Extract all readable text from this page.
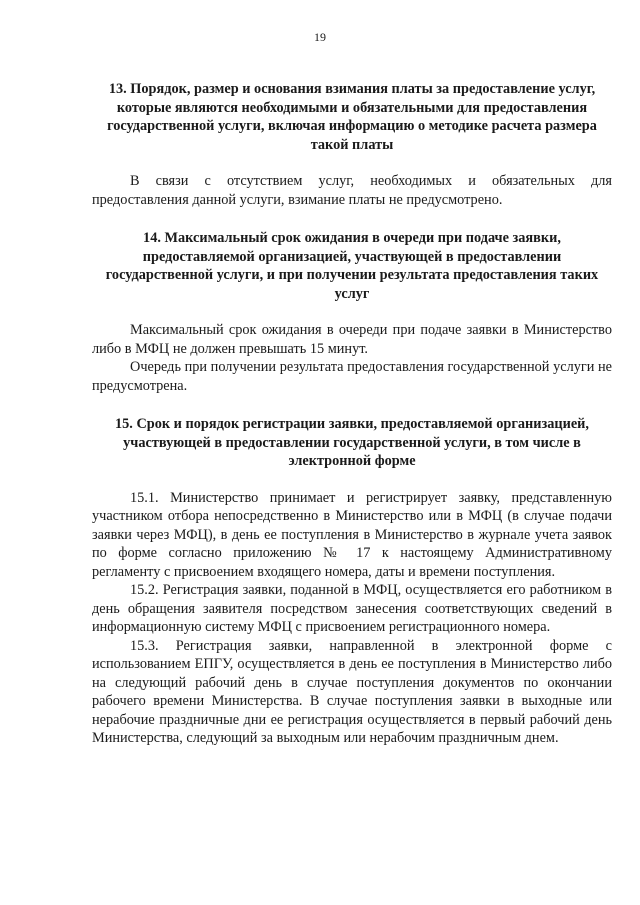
19

13. Порядок, размер и основания взимания платы за предоставление услуг, которые являются необходимыми и обязательными для предоставления государственной услуги, включая информацию о методике расчета размера такой платы

В связи с отсутствием услуг, необходимых и обязательных для предоставления данной услуги, взимание платы не предусмотрено.

14. Максимальный срок ожидания в очереди при подаче заявки, предоставляемой организацией, участвующей в предоставлении государственной услуги, и при получении результата предоставления таких услуг

Максимальный срок ожидания в очереди при подаче заявки в Министерство либо в МФЦ не должен превышать 15 минут.

Очередь при получении результата предоставления государственной услуги не предусмотрена.

15. Срок и порядок регистрации заявки, предоставляемой организацией, участвующей в предоставлении государственной услуги, в том числе в электронной форме

15.1. Министерство принимает и регистрирует заявку, представленную участником отбора непосредственно в Министерство или в МФЦ (в случае подачи заявки через МФЦ), в день ее поступления в Министерство в журнале учета заявок по форме согласно приложению № 17 к настоящему Административному регламенту с присвоением входящего номера, даты и времени поступления.

15.2. Регистрация заявки, поданной в МФЦ, осуществляется его работником в день обращения заявителя посредством занесения соответствующих сведений в информационную систему МФЦ с присвоением регистрационного номера.

15.3. Регистрация заявки, направленной в электронной форме с использованием ЕПГУ, осуществляется в день ее поступления в Министерство либо на следующий рабочий день в случае поступления документов по окончании рабочего времени Министерства. В случае поступления заявки в выходные или нерабочие праздничные дни ее регистрация осуществляется в первый рабочий день Министерства, следующий за выходным или нерабочим праздничным днем.
